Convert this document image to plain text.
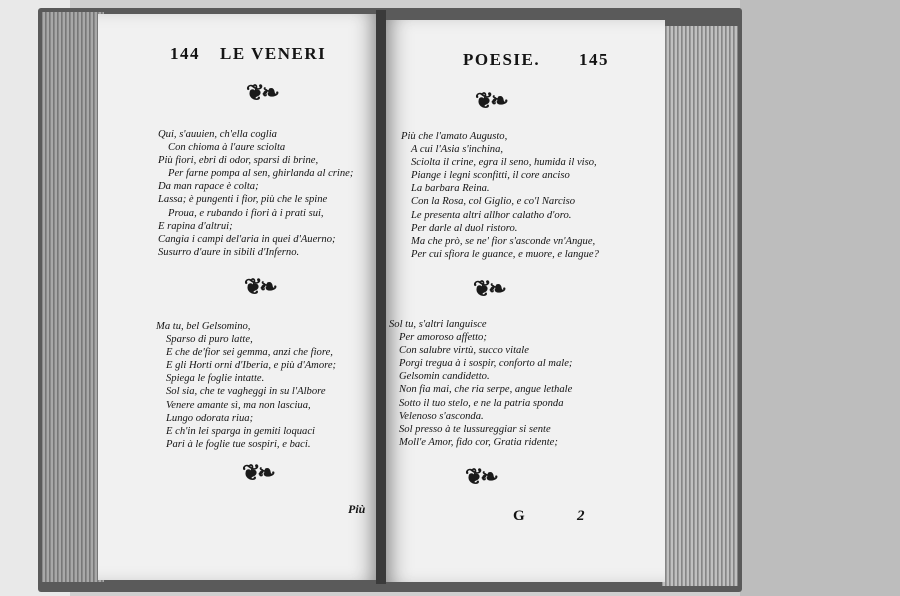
144 LE VENERI
❦❧
Qui, s'auuien, ch'ella coglia
Con chioma à l'aure sciolta
Più fiori, ebri di odor, sparsi di brine,
Per farne pompa al sen, ghirlanda al crine;
Da man rapace è colta;
Lassa; è pungenti i fior, più che le spine
Proua, e rubando i fiori à i prati sui,
E rapina d'altrui;
Cangia i campi del'aria in quei d'Auerno;
Susurro d'aure in sibili d'Inferno.
❦❧
Ma tu, bel Gelsomino,
Sparso di puro latte,
E che de'fior sei gemma, anzi che fiore,
E gli Horti orni d'Iberia, e più d'Amore;
Spiega le foglie intatte.
Sol sia, che te vagheggi in su l'Albore
Venere amante sì, ma non lasciua,
Lungo odorata riua;
E ch'in lei sparga in gemiti loquaci
Pari à le foglie tue sospiri, e baci.
❦❧
Più
POESIE. 145
❦❧
Più che l'amato Augusto,
A cui l'Asia s'inchina,
Sciolta il crine, egra il seno, humida il viso,
Piange i legni sconfitti, il core anciso
La barbara Reina.
Con la Rosa, col Giglio, e co'l Narciso
Le presenta altri allhor calatho d'oro.
Per darle al duol ristoro.
Ma che prò, se ne' fior s'asconde vn'Angue,
Per cui sfiora le guance, e muore, e langue?
❦❧
Sol tu, s'altri languisce
Per amoroso affetto;
Con salubre virtù, succo vitale
Porgi tregua à i sospir, conforto al male;
Gelsomin candidetto.
Non fia mai, che ria serpe, angue lethale
Sotto il tuo stelo, e ne la patria sponda
Velenoso s'asconda.
Sol presso à te lussureggiar si sente
Moll'e Amor, fido cor, Gratia ridente;
❦❧
G	2
